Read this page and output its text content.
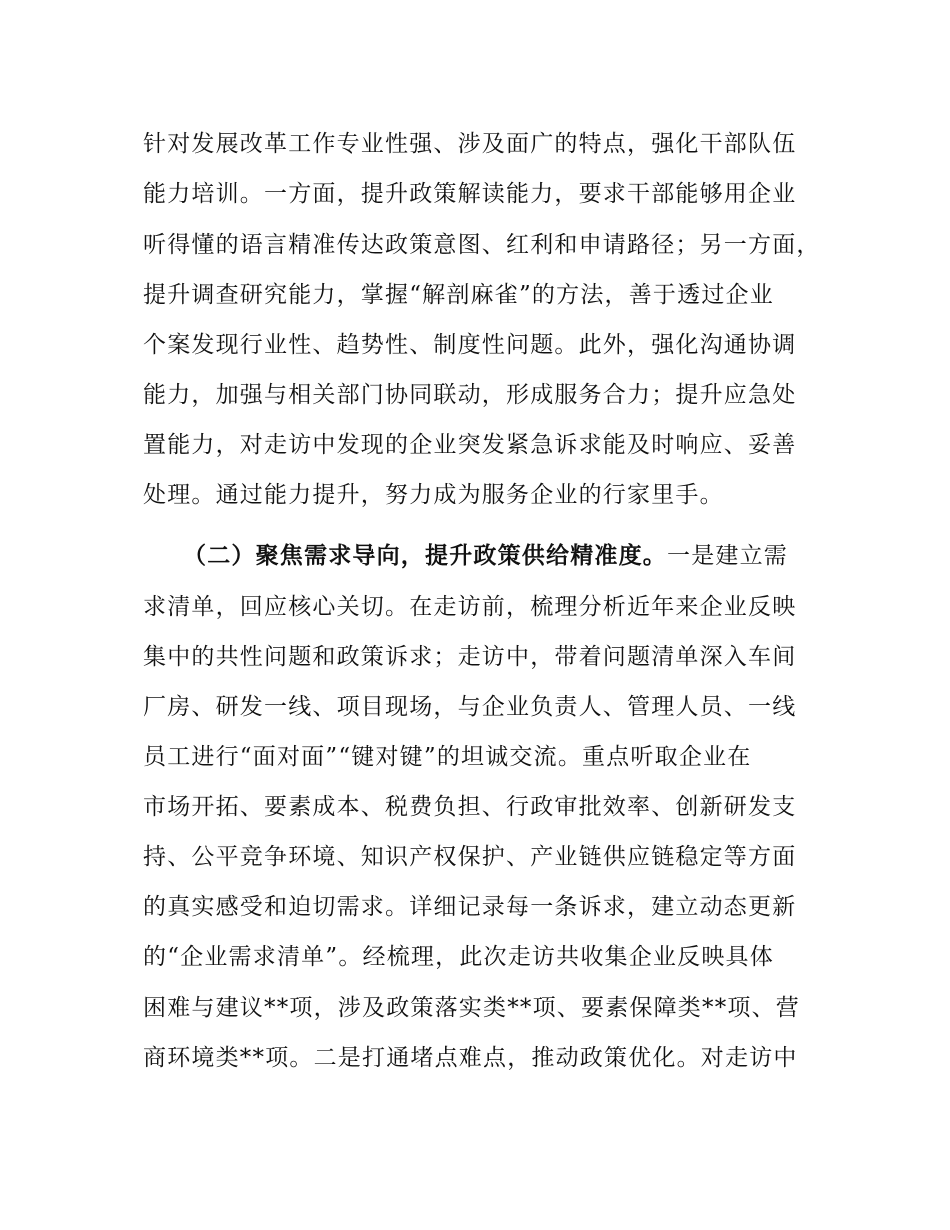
针对发展改革工作专业性强、涉及面广的特点，强化干部队伍
能力培训。一方面，提升政策解读能力，要求干部能够用企业
听得懂的语言精准传达政策意图、红利和申请路径；另一方面，
提升调查研究能力，掌握“解剖麻雀”的方法，善于透过企业
个案发现行业性、趋势性、制度性问题。此外，强化沟通协调
能力，加强与相关部门协同联动，形成服务合力；提升应急处
置能力，对走访中发现的企业突发紧急诉求能及时响应、妥善
处理。通过能力提升，努力成为服务企业的行家里手。
（二）聚焦需求导向，提升政策供给精准度。一是建立需
求清单，回应核心关切。在走访前，梳理分析近年来企业反映
集中的共性问题和政策诉求；走访中，带着问题清单深入车间
厂房、研发一线、项目现场，与企业负责人、管理人员、一线
员工进行“面对面”“键对键”的坦诚交流。重点听取企业在
市场开拓、要素成本、税费负担、行政审批效率、创新研发支
持、公平竞争环境、知识产权保护、产业链供应链稳定等方面
的真实感受和迫切需求。详细记录每一条诉求，建立动态更新
的“企业需求清单”。经梳理，此次走访共收集企业反映具体
困难与建议**项，涉及政策落实类**项、要素保障类**项、营
商环境类**项。二是打通堵点难点，推动政策优化。对走访中
